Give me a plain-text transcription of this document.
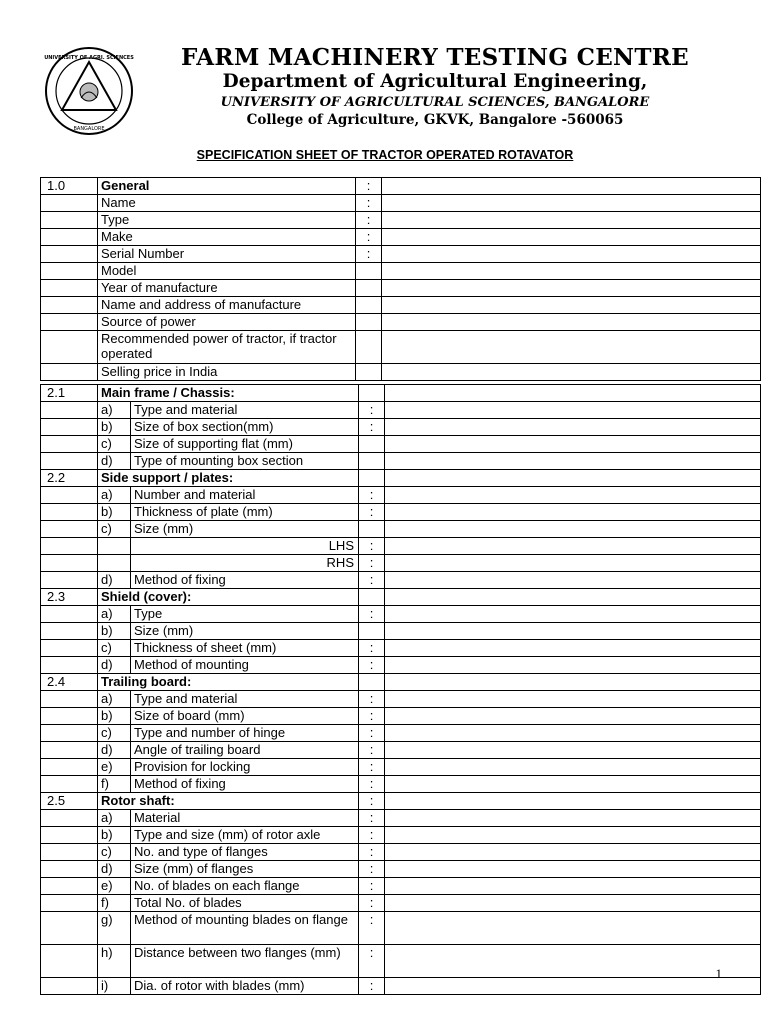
UNIVERSITY OF AGRI. SCIENCES
BANGALORE
FARM MACHINERY TESTING CENTRE
Department of Agricultural Engineering,
UNIVERSITY OF AGRICULTURAL SCIENCES, BANGALORE
College of Agriculture, GKVK, Bangalore -560065
SPECIFICATION SHEET OF TRACTOR OPERATED ROTAVATOR
1.0	General	:	
	Name	:	
	Type	:	
	Make	:	
	Serial Number	:	
	Model		
	Year of manufacture		
	Name and address of manufacture		
	Source of power		
	Recommended power of tractor, if tractor operated		
	Selling price in India		
2.1	Main frame / Chassis:			
	a)	Type and material	:	
	b)	Size of box section(mm)	:	
	c)	Size of supporting flat (mm)		
	d)	Type of mounting box section		
2.2	Side support / plates:			
	a)	Number and material	:	
	b)	Thickness of plate (mm)	:	
	c)	Size (mm)		
		LHS	:	
		RHS	:	
	d)	Method of fixing	:	
2.3	Shield (cover):			
	a)	Type	:	
	b)	Size (mm)		
	c)	Thickness of sheet (mm)	:	
	d)	Method of mounting	:	
2.4	Trailing board:			
	a)	Type and material	:	
	b)	Size of board (mm)	:	
	c)	Type and number of hinge	:	
	d)	Angle of trailing board	:	
	e)	Provision for locking	:	
	f)	Method of fixing	:	
2.5	Rotor shaft:		:	
	a)	Material	:	
	b)	Type and size (mm) of rotor axle	:	
	c)	No. and type of flanges	:	
	d)	Size (mm) of flanges	:	
	e)	No. of blades on each flange	:	
	f)	Total No. of blades	:	
	g)	Method of mounting blades on flange	:	
	h)	Distance between two flanges (mm)	:	
	i)	Dia. of rotor with blades (mm)	:	
1
